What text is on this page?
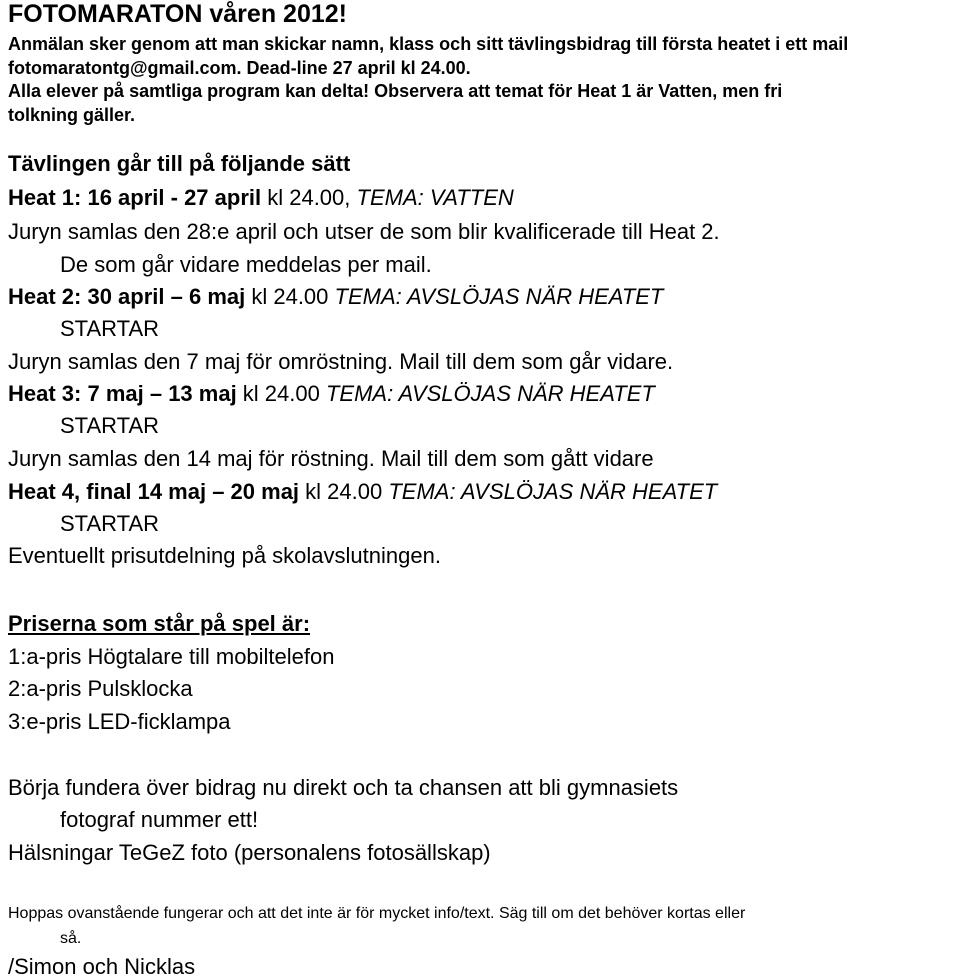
FOTOMARATON våren 2012!
Anmälan sker genom att man skickar namn, klass och sitt tävlingsbidrag till första heatet i ett mail
fotomaratontg@gmail.com. Dead-line 27 april kl 24.00.
Alla elever på samtliga program kan delta! Observera att temat för Heat 1 är Vatten, men fri
tolkning gäller.
Tävlingen går till på följande sätt
Heat 1: 16 april - 27 april kl 24.00, TEMA: VATTEN
Juryn samlas den 28:e april och utser de som blir kvalificerade till Heat 2.
De som går vidare meddelas per mail.
Heat 2: 30 april – 6 maj kl 24.00 TEMA: AVSLÖJAS NÄR HEATET
STARTAR
Juryn samlas den 7 maj för omröstning. Mail till dem som går vidare.
Heat 3: 7 maj – 13 maj kl 24.00 TEMA: AVSLÖJAS NÄR HEATET
STARTAR
Juryn samlas den 14 maj för röstning. Mail till dem som gått vidare
Heat 4, final 14 maj – 20 maj kl 24.00 TEMA: AVSLÖJAS NÄR HEATET
STARTAR
Eventuellt prisutdelning på skolavslutningen.
Priserna som står på spel är:
1:a-pris Högtalare till mobiltelefon
2:a-pris Pulsklocka
3:e-pris LED-ficklampa
Börja fundera över bidrag nu direkt och ta chansen att bli gymnasiets
fotograf nummer ett!
Hälsningar TeGeZ foto (personalens fotosällskap)
Hoppas ovanstående fungerar och att det inte är för mycket info/text. Säg till om det behöver kortas eller
så.
/Simon och Nicklas
